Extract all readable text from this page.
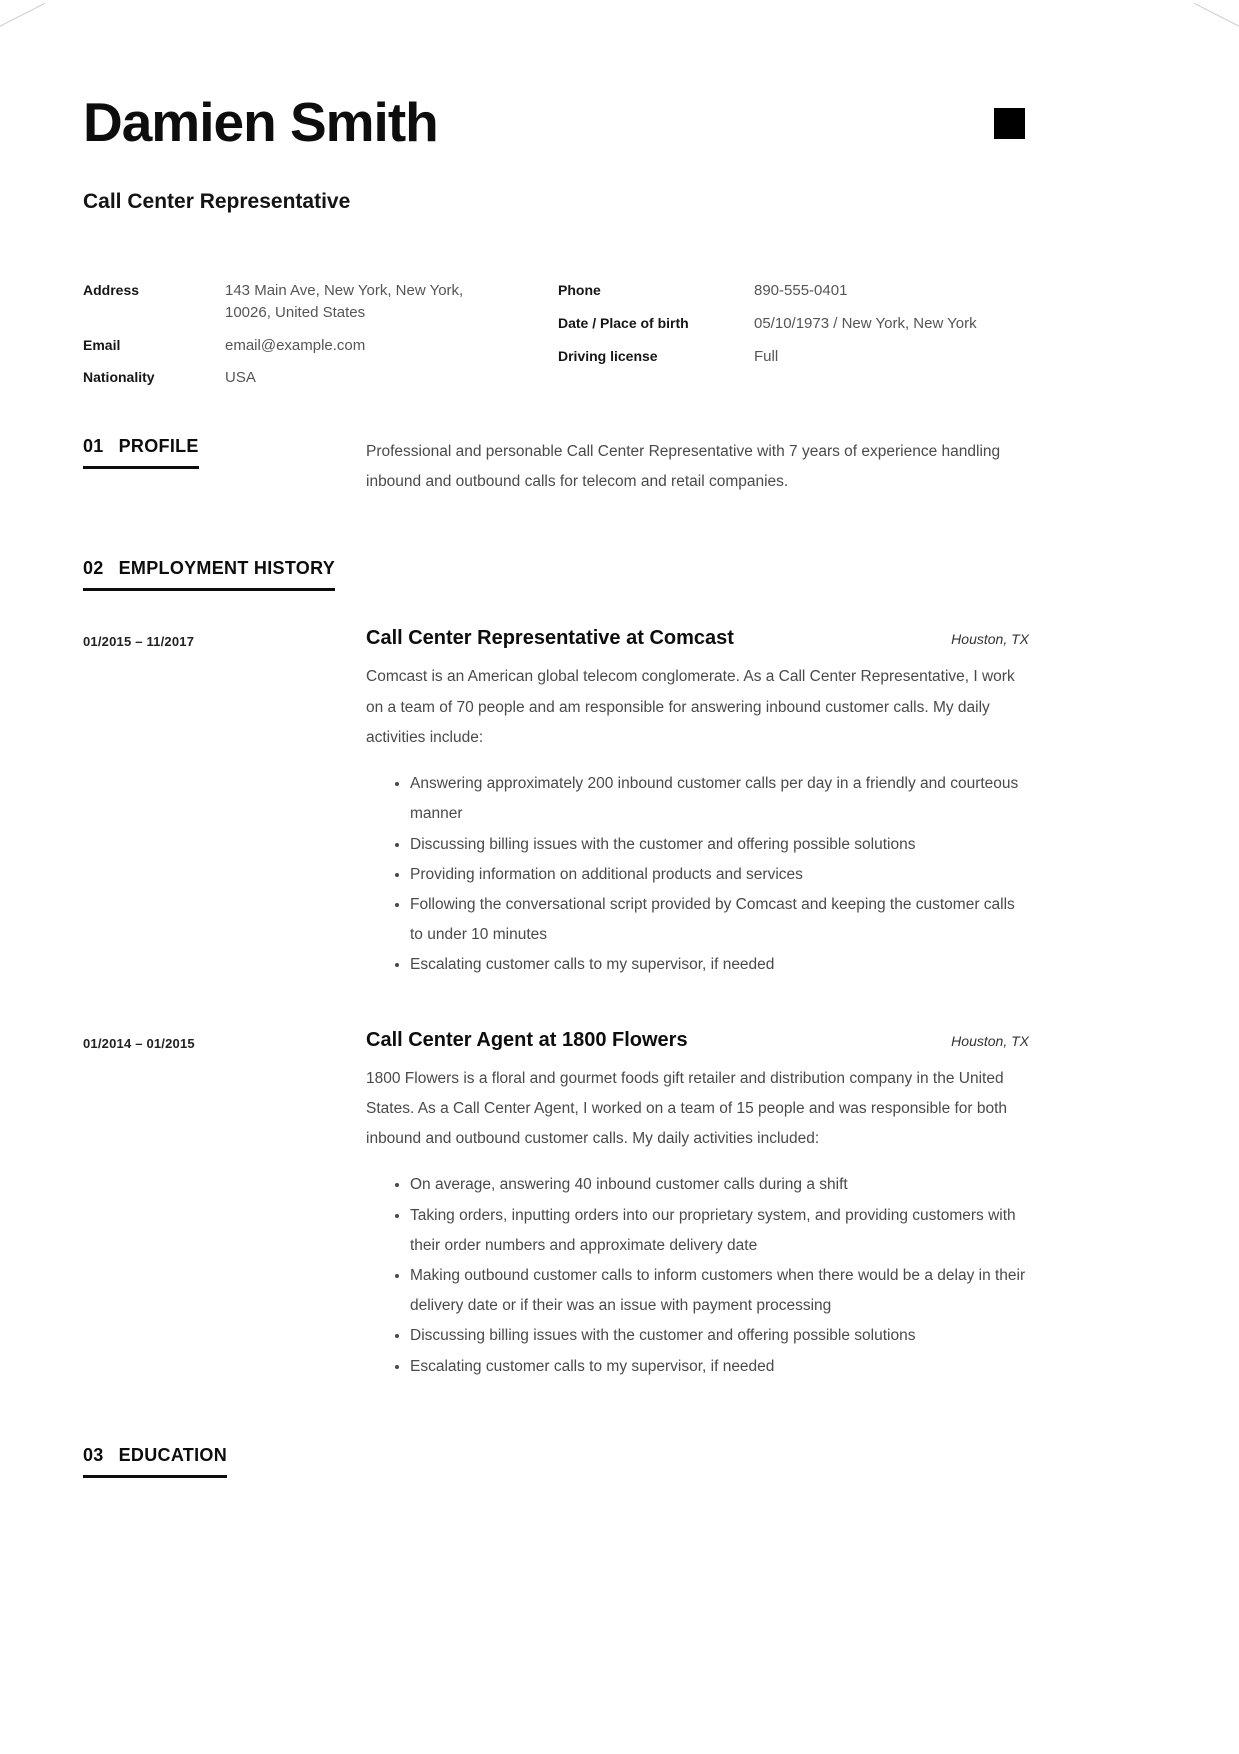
Damien Smith
Call Center Representative
Address	143 Main Ave, New York, New York, 10026, United States
Email	email@example.com
Nationality	USA
Phone	890-555-0401
Date / Place of birth	05/10/1973 / New York, New York
Driving license	Full
01 PROFILE	Professional and personable Call Center Representative with 7 years of experience handling inbound and outbound calls for telecom and retail companies.
02 EMPLOYMENT HISTORY
01/2015 – 11/2017	Call Center Representative at Comcast	Houston, TX
Comcast is an American global telecom conglomerate. As a Call Center Representative, I work on a team of 70 people and am responsible for answering inbound customer calls. My daily activities include:
• Answering approximately 200 inbound customer calls per day in a friendly and courteous manner
• Discussing billing issues with the customer and offering possible solutions
• Providing information on additional products and services
• Following the conversational script provided by Comcast and keeping the customer calls to under 10 minutes
• Escalating customer calls to my supervisor, if needed
01/2014 – 01/2015	Call Center Agent at 1800 Flowers	Houston, TX
1800 Flowers is a floral and gourmet foods gift retailer and distribution company in the United States. As a Call Center Agent, I worked on a team of 15 people and was responsible for both inbound and outbound customer calls. My daily activities included:
• On average, answering 40 inbound customer calls during a shift
• Taking orders, inputting orders into our proprietary system, and providing customers with their order numbers and approximate delivery date
• Making outbound customer calls to inform customers when there would be a delay in their delivery date or if their was an issue with payment processing
• Discussing billing issues with the customer and offering possible solutions
• Escalating customer calls to my supervisor, if needed
03 EDUCATION
